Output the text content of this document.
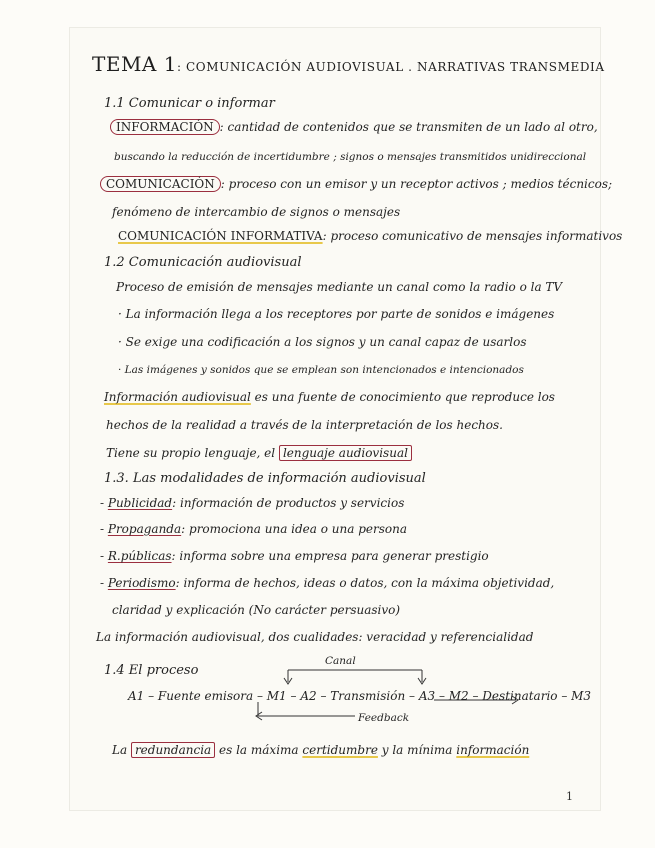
TEMA 1: COMUNICACIÓN AUDIOVISUAL . NARRATIVAS TRANSMEDIA
1.1 Comunicar o informar
INFORMACIÓN : cantidad de contenidos que se transmiten de un lado al otro,
buscando la reducción de incertidumbre ; signos o mensajes transmitidos unidireccional
COMUNICACIÓN : proceso con un emisor y un receptor activos ; medios técnicos;
fenómeno de intercambio de signos o mensajes
COMUNICACIÓN INFORMATIVA: proceso comunicativo de mensajes informativos
1.2 Comunicación audiovisual
Proceso de emisión de mensajes mediante un canal como la radio o la TV
· La información llega a los receptores por parte de sonidos e imágenes
· Se exige una codificación a los signos y un canal capaz de usarlos
· Las imágenes y sonidos que se emplean son intencionados e intencionados
Información audiovisual es una fuente de conocimiento que reproduce los
hechos de la realidad a través de la interpretación de los hechos.
Tiene su propio lenguaje, el lenguaje audiovisual
1.3. Las modalidades de información audiovisual
- Publicidad: información de productos y servicios
- Propaganda: promociona una idea o una persona
- R.públicas: informa sobre una empresa para generar prestigio
- Periodismo: informa de hechos, ideas o datos, con la máxima objetividad,
claridad y explicación (No carácter persuasivo)
La información audiovisual, dos cualidades: veracidad y referencialidad
1.4 El proceso
Canal
A1 – Fuente emisora – M1 – A2 – Transmisión – A3 – M2 – Destinatario – M3
Feedback
La redundancia es la máxima certidumbre y la mínima información
1
